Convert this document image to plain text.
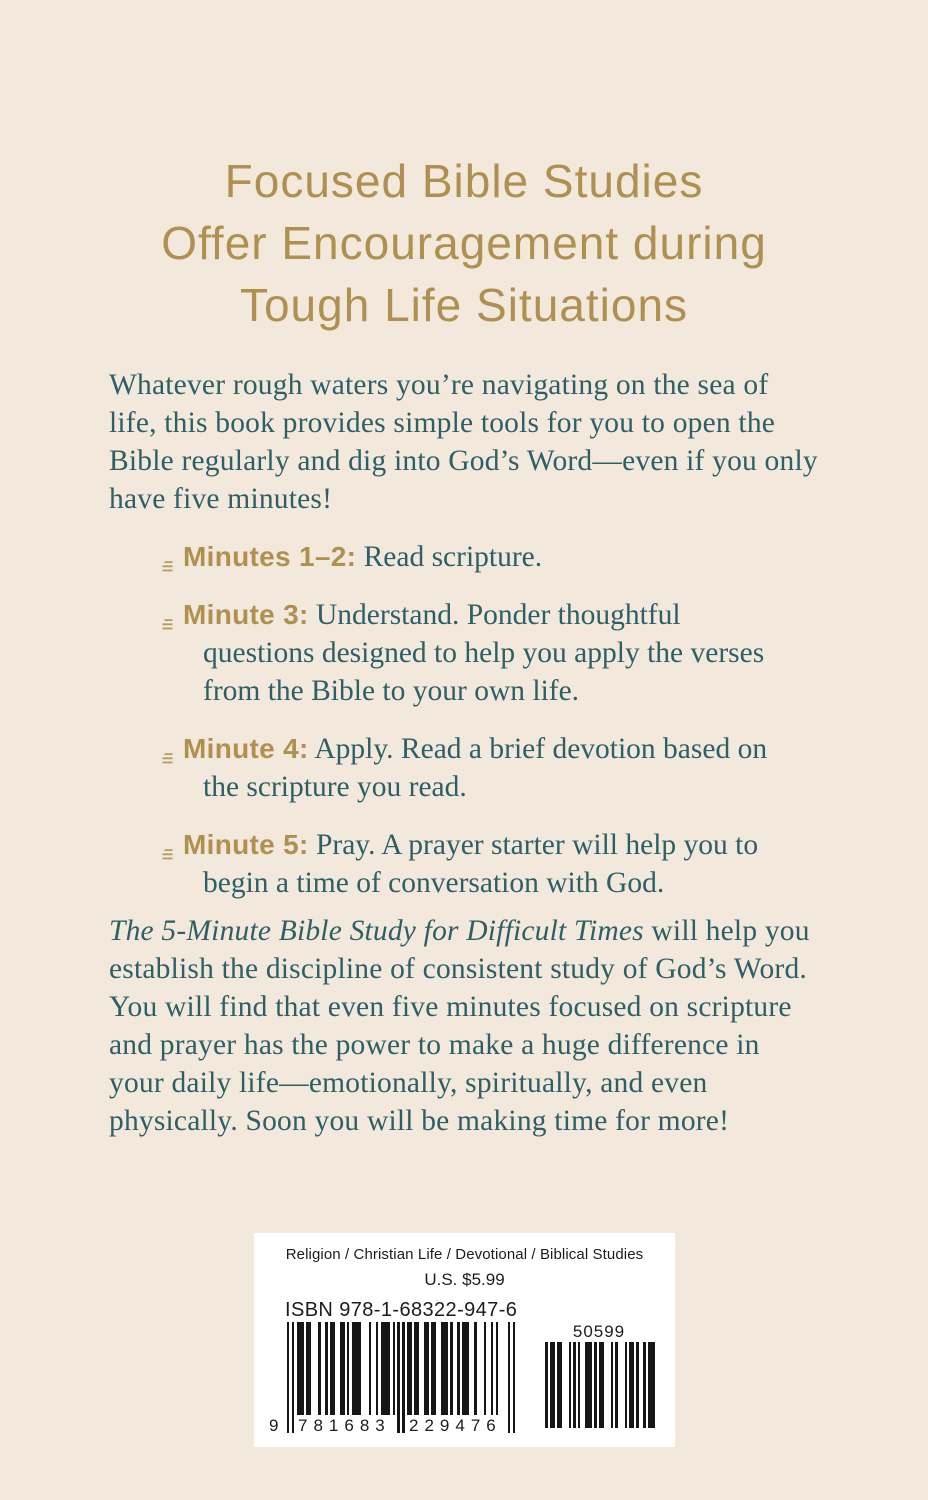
Focused Bible Studies
Offer Encouragement during
Tough Life Situations

Whatever rough waters you’re navigating on the sea of life, this book provides simple tools for you to open the Bible regularly and dig into God’s Word—even if you only have five minutes!

Minutes 1–2: Read scripture.
Minute 3: Understand. Ponder thoughtful questions designed to help you apply the verses from the Bible to your own life.
Minute 4: Apply. Read a brief devotion based on the scripture you read.
Minute 5: Pray. A prayer starter will help you to begin a time of conversation with God.

The 5-Minute Bible Study for Difficult Times will help you establish the discipline of consistent study of God’s Word. You will find that even five minutes focused on scripture and prayer has the power to make a huge difference in your daily life—emotionally, spiritually, and even physically. Soon you will be making time for more!

Religion / Christian Life / Devotional / Biblical Studies
U.S. $5.99
ISBN 978-1-68322-947-6
9 781683 229476
50599
